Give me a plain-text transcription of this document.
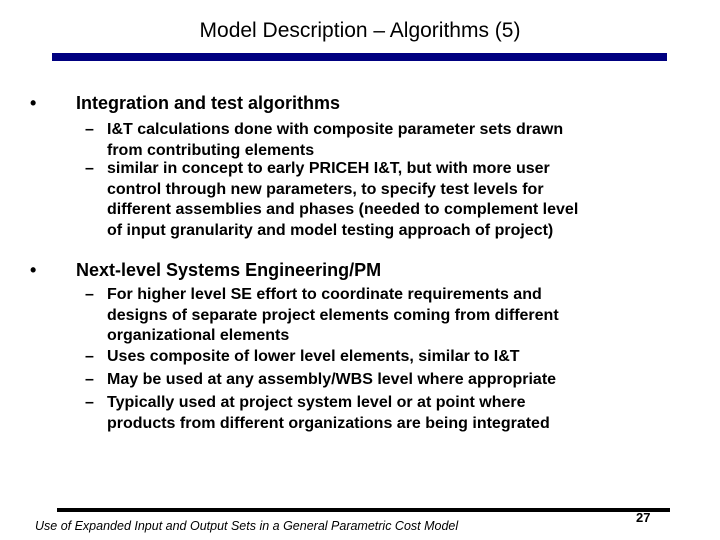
Model Description – Algorithms (5)
•	Integration and test algorithms
– I&T calculations done with composite parameter sets drawn
from contributing elements
– similar in concept to early PRICEH I&T, but with more user
control through new parameters, to specify test levels for
different assemblies and phases (needed to complement level
of input granularity and model testing approach of project)
•	Next-level Systems Engineering/PM
– For higher level SE effort to coordinate requirements and
designs of separate project elements coming from different
organizational elements
– Uses composite of lower level elements, similar to I&T
– May be used at any assembly/WBS level where appropriate
– Typically used at project system level or at point where
products from different organizations are being integrated
Use of Expanded Input and Output Sets in a General Parametric Cost Model
27
